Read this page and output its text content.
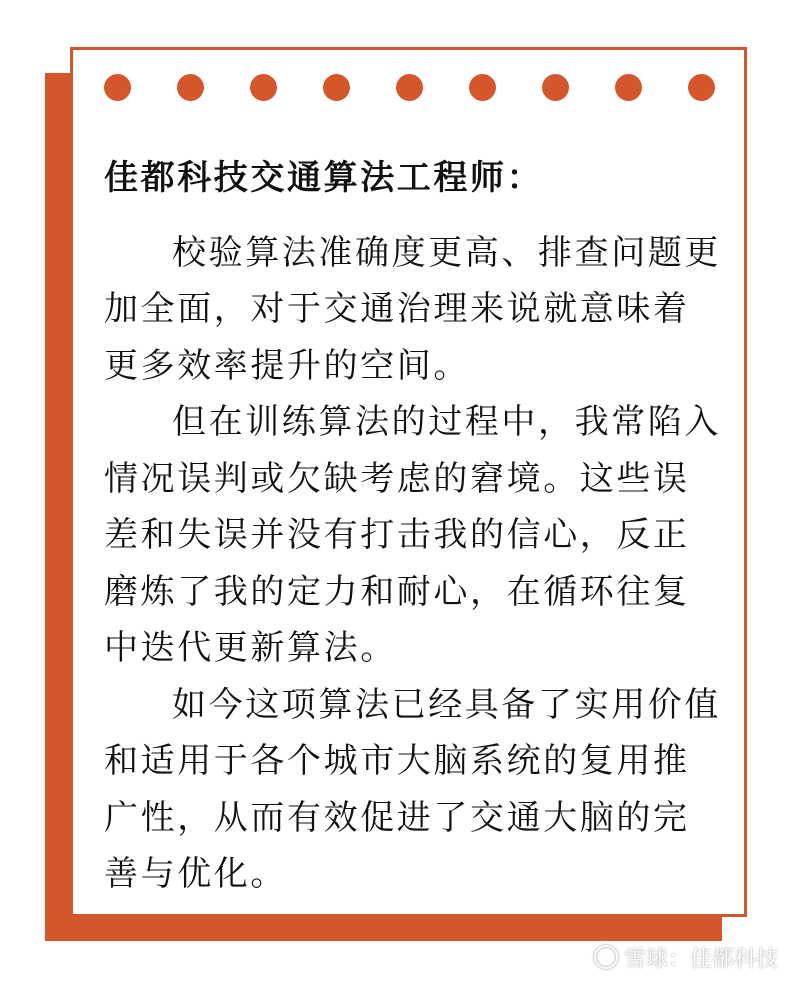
佳都科技交通算法工程师：

校验算法准确度更高、排查问题更加全面，对于交通治理来说就意味着更多效率提升的空间。

但在训练算法的过程中，我常陷入情况误判或欠缺考虑的窘境。这些误差和失误并没有打击我的信心，反正磨炼了我的定力和耐心，在循环往复中迭代更新算法。

如今这项算法已经具备了实用价值和适用于各个城市大脑系统的复用推广性，从而有效促进了交通大脑的完善与优化。

雪球：佳都科技
